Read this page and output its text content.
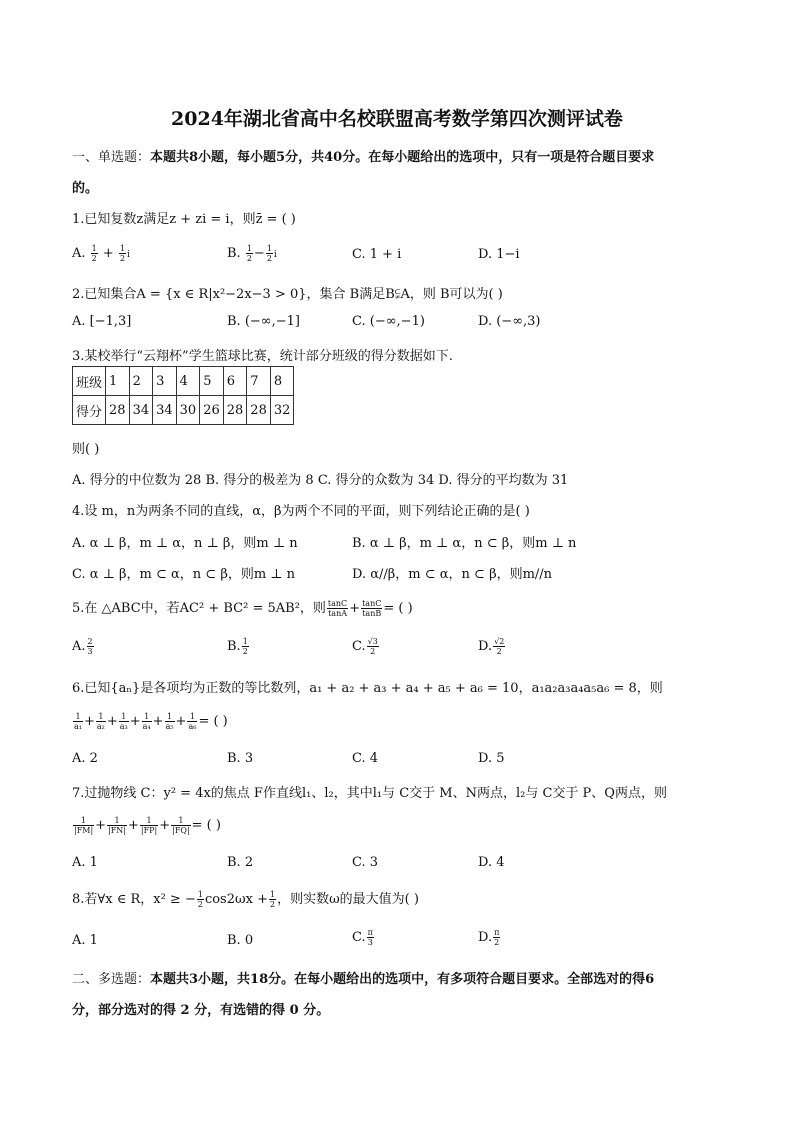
2024年湖北省高中名校联盟高考数学第四次测评试卷
一、单选题：本题共8小题，每小题5分，共40分。在每小题给出的选项中，只有一项是符合题目要求
的。
1.已知复数z满足z + zi = i，则z̄ = ( )
A. $\frac{1}{2} + \frac{1}{2}$ i	B. $\frac{1}{2} - \frac{1}{2}$ i	C. 1 + i	D. 1−i
2.已知集合A = {x ∈ R|x²−2x−3 > 0}，集合 B满足B⫋A，则 B可以为( )
A. [−1,3]	B. (−∞,−1]	C. (−∞,−1)	D. (−∞,3)
3.某校举行“云翔杯”学生篮球比赛，统计部分班级的得分数据如下.
班级	1	2	3	4	5	6	7	8
得分	28	34	34	30	26	28	28	32
则( )
A. 得分的中位数为 28 B. 得分的极差为 8 C. 得分的众数为 34 D. 得分的平均数为 31
4.设 m，n为两条不同的直线，α，β为两个不同的平面，则下列结论正确的是( )
A. α ⊥ β，m ⊥ α，n ⊥ β，则m ⊥ n	B. α ⊥ β，m ⊥ α，n ⊂ β，则m ⊥ n
C. α ⊥ β，m ⊂ α，n ⊂ β，则m ⊥ n	D. α//β，m ⊂ α，n ⊂ β，则m//n
5.在 △ABC中，若AC² + BC² = 5AB²，则 $\frac{\tan C}{\tan A} + \frac{\tan C}{\tan B}$ = ( )
A. $\frac{2}{3}$	B. $\frac{1}{2}$	C. $\frac{√3}{2}$	D. $\frac{√2}{2}$
6.已知{aₙ}是各项均为正数的等比数列，a₁ + a₂ + a₃ + a₄ + a₅ + a₆ = 10，a₁a₂a₃a₄a₅a₆ = 8，则
$\frac{1}{\text{a₁}} + \frac{1}{\text{a₂}} + \frac{1}{\text{a₃}} + \frac{1}{\text{a₄}} + \frac{1}{\text{a₅}} + \frac{1}{\text{a₆}}$ = ( )
A. 2	B. 3	C. 4	D. 5
7.过抛物线 C：y² = 4x的焦点 F作直线l₁、l₂，其中l₁与 C交于 M、N两点，l₂与 C交于 P、Q两点，则
$\frac{1}{|FM|} + \frac{1}{|FN|} + \frac{1}{|FP|} + \frac{1}{|FQ|}$ = ( )
A. 1	B. 2	C. 3	D. 4
8.若∀x ∈ R，x² ≥ − $\frac{1}{2} \cos 2\omega x + \frac{1}{2}$ ，则实数ω的最大值为( )
A. 1	B. 0	C. $\frac{\pi}{3}$	D. $\frac{\pi}{2}$
二、多选题：本题共3小题，共18分。在每小题给出的选项中，有多项符合题目要求。全部选对的得6
分，部分选对的得 2 分，有选错的得 0 分。
